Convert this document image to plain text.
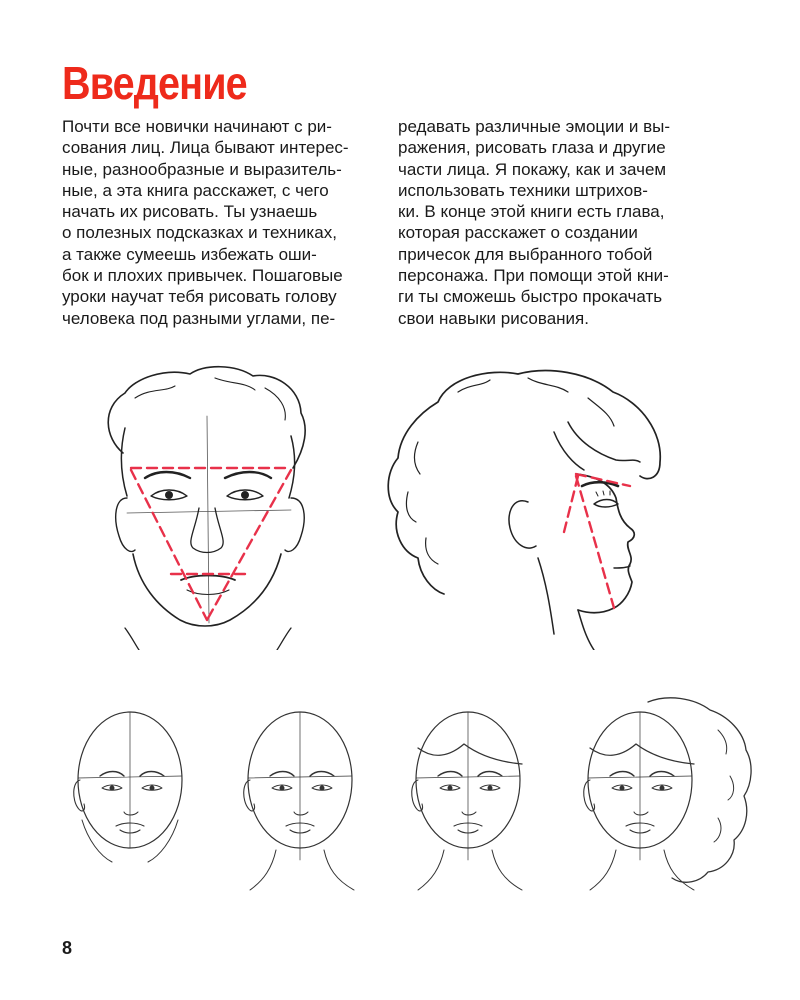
Введение
Почти все новички начинают с ри-
сования лиц. Лица бывают интерес-
ные, разнообразные и выразитель-
ные, а эта книга расскажет, с чего
начать их рисовать. Ты узнаешь
о полезных подсказках и техниках,
а также сумеешь избежать оши-
бок и плохих привычек. Пошаговые
уроки научат тебя рисовать голову
человека под разными углами, пе-
редавать различные эмоции и вы-
ражения, рисовать глаза и другие
части лица. Я покажу, как и зачем
использовать техники штрихов-
ки. В конце этой книги есть глава,
которая расскажет о создании
причесок для выбранного тобой
персонажа. При помощи этой кни-
ги ты сможешь быстро прокачать
свои навыки рисования.
8
